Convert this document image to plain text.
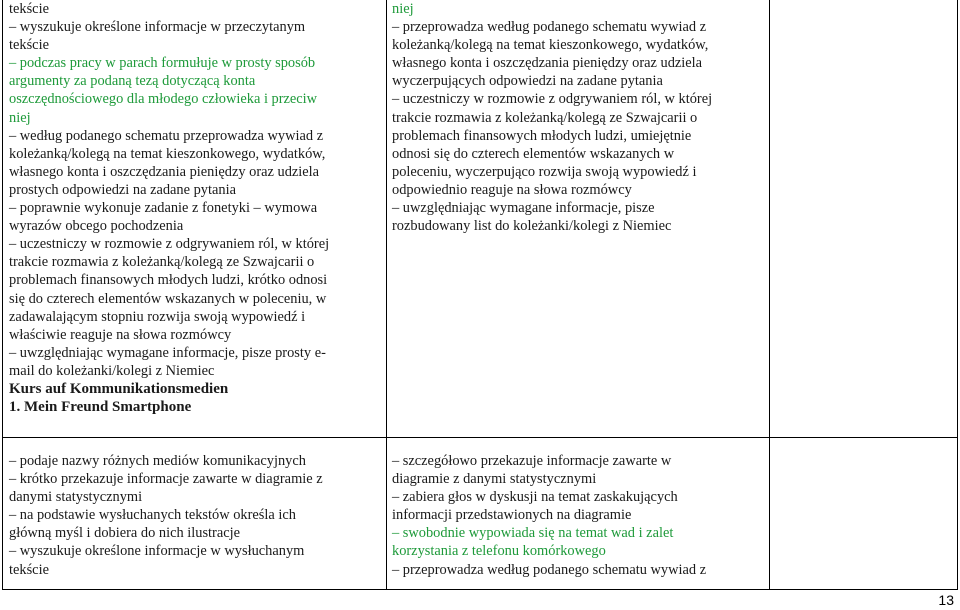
tekście

– wyszukuje określone informacje w przeczytanym

tekście

– podczas pracy w parach formułuje w prosty sposób

argumenty za podaną tezą dotyczącą konta

oszczędnościowego dla młodego człowieka i przeciw

niej

– według podanego schematu przeprowadza wywiad z

koleżanką/kolegą na temat kieszonkowego, wydatków,

własnego konta i oszczędzania pieniędzy oraz udziela

prostych odpowiedzi na zadane pytania

– poprawnie wykonuje zadanie z fonetyki – wymowa

wyrazów obcego pochodzenia

– uczestniczy w rozmowie z odgrywaniem ról, w której

trakcie rozmawia z koleżanką/kolegą ze Szwajcarii o

problemach finansowych młodych ludzi, krótko odnosi

się do czterech elementów wskazanych w poleceniu, w

zadawalającym stopniu rozwija swoją wypowiedź i

właściwie reaguje na słowa rozmówcy

– uwzględniając wymagane informacje, pisze prosty e-

mail do koleżanki/kolegi z Niemiec

Kurs auf Kommunikationsmedien

1. Mein Freund Smartphone

niej

– przeprowadza według podanego schematu wywiad z

koleżanką/kolegą na temat kieszonkowego, wydatków,

własnego konta i oszczędzania pieniędzy oraz udziela

wyczerpujących odpowiedzi na zadane pytania

– uczestniczy w rozmowie z odgrywaniem ról, w której

trakcie rozmawia z koleżanką/kolegą ze Szwajcarii o

problemach finansowych młodych ludzi, umiejętnie

odnosi się do czterech elementów wskazanych w

poleceniu, wyczerpująco rozwija swoją wypowiedź i

odpowiednio reaguje na słowa rozmówcy

– uwzględniając wymagane informacje, pisze

rozbudowany list do koleżanki/kolegi z Niemiec

– podaje nazwy różnych mediów komunikacyjnych

– krótko przekazuje informacje zawarte w diagramie z

danymi statystycznymi

– na podstawie wysłuchanych tekstów określa ich

główną myśl i dobiera do nich ilustracje

– wyszukuje określone informacje w wysłuchanym

tekście

– szczegółowo przekazuje informacje zawarte w

diagramie z danymi statystycznymi

– zabiera głos w dyskusji na temat zaskakujących

informacji przedstawionych na diagramie

– swobodnie wypowiada się na temat wad i zalet

korzystania z telefonu komórkowego

– przeprowadza według podanego schematu wywiad z

13
